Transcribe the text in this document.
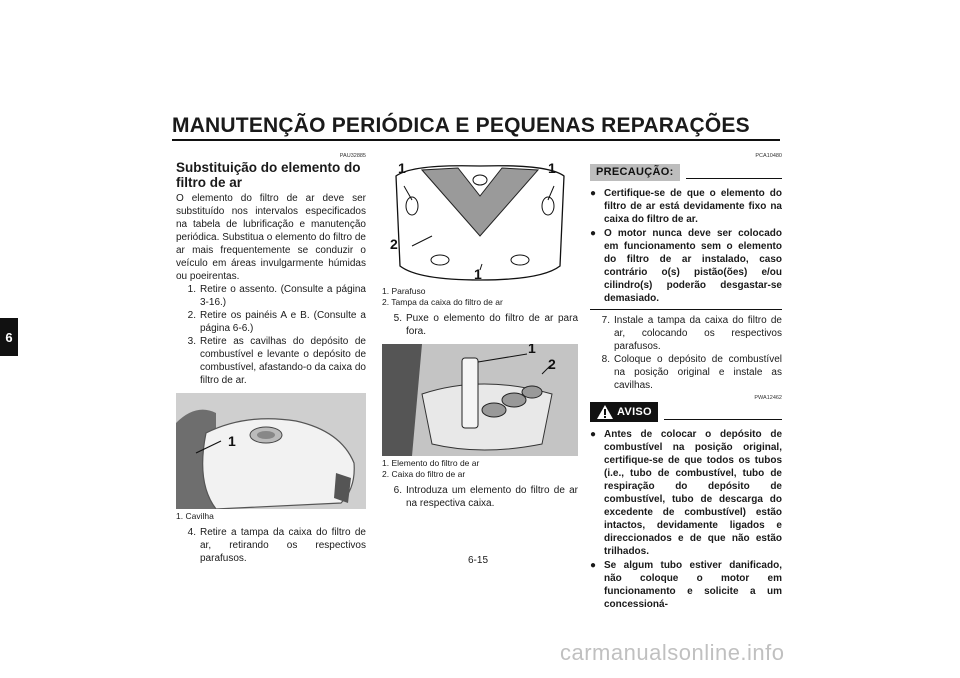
MANUTENÇÃO PERIÓDICA E PEQUENAS REPARAÇÕES
6
PAU32885
Substituição do elemento do filtro de ar

O elemento do filtro de ar deve ser substituído nos intervalos especificados na tabela de lubrificação e manutenção periódica. Substitua o elemento do filtro de ar mais frequentemente se conduzir o veículo em áreas invulgarmente húmidas ou poeirentas.

1. Retire o assento. (Consulte a página 3-16.)
2. Retire os painéis A e B. (Consulte a página 6-6.)
3. Retire as cavilhas do depósito de combustível e levante o depósito de combustível, afastando-o da caixa do filtro de ar.
1
1. Cavilha
4. Retire a tampa da caixa do filtro de ar, retirando os respectivos parafusos.
1	1
2
1
1. Parafuso
2. Tampa da caixa do filtro de ar
5. Puxe o elemento do filtro de ar para fora.
1
2
1. Elemento do filtro de ar
2. Caixa do filtro de ar
6. Introduza um elemento do filtro de ar na respectiva caixa.
PCA10480
PRECAUÇÃO:
● Certifique-se de que o elemento do filtro de ar está devidamente fixo na caixa do filtro de ar.
● O motor nunca deve ser colocado em funcionamento sem o elemento do filtro de ar instalado, caso contrário o(s) pistão(ões) e/ou cilindro(s) poderão desgastar-se demasiado.
7. Instale a tampa da caixa do filtro de ar, colocando os respectivos parafusos.
8. Coloque o depósito de combustível na posição original e instale as cavilhas.
PWA12462
AVISO
● Antes de colocar o depósito de combustível na posição original, certifique-se de que todos os tubos (i.e., tubo de combustível, tubo de respiração do depósito de combustível, tubo de descarga do excedente de combustível) estão intactos, devidamente ligados e direccionados e de que não estão trilhados.
● Se algum tubo estiver danificado, não coloque o motor em funcionamento e solicite a um concessioná-
6-15
carmanualsonline.info
